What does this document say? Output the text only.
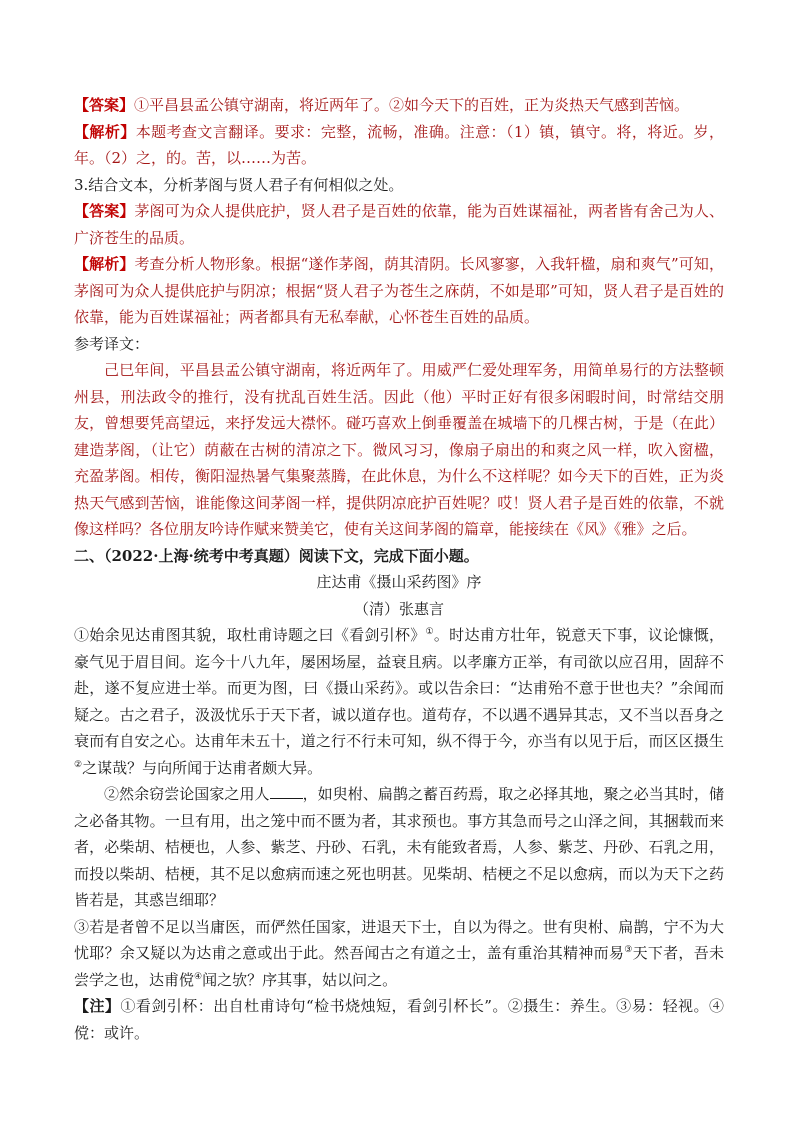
【答案】①平昌县孟公镇守湖南，将近两年了。②如今天下的百姓，正为炎热天气感到苦恼。

【解析】本题考查文言翻译。要求：完整，流畅，准确。注意：（1）镇，镇守。将，将近。岁，年。（2）之，的。苦，以……为苦。

3.结合文本，分析茅阁与贤人君子有何相似之处。

【答案】茅阁可为众人提供庇护，贤人君子是百姓的依靠，能为百姓谋福祉，两者皆有舍己为人、广济苍生的品质。

【解析】考查分析人物形象。根据“遂作茅阁，荫其清阴。长风寥寥，入我轩楹，扇和爽气”可知，茅阁可为众人提供庇护与阴凉；根据“贤人君子为苍生之庥荫，不如是耶”可知，贤人君子是百姓的依靠，能为百姓谋福祉；两者都具有无私奉献，心怀苍生百姓的品质。

参考译文：

己巳年间，平昌县孟公镇守湖南，将近两年了。用威严仁爱处理军务，用简单易行的方法整顿州县，刑法政令的推行，没有扰乱百姓生活。因此（他）平时正好有很多闲暇时间，时常结交朋友，曾想要凭高望远，来抒发远大襟怀。碰巧喜欢上倒垂覆盖在城墙下的几棵古树，于是（在此）建造茅阁，（让它）荫蔽在古树的清凉之下。微风习习，像扇子扇出的和爽之风一样，吹入窗楹，充盈茅阁。相传，衡阳湿热暑气集聚蒸腾，在此休息，为什么不这样呢？如今天下的百姓，正为炎热天气感到苦恼，谁能像这间茅阁一样，提供阴凉庇护百姓呢？哎！贤人君子是百姓的依靠，不就像这样吗？各位朋友吟诗作赋来赞美它，使有关这间茅阁的篇章，能接续在《风》《雅》之后。

二、（2022·上海·统考中考真题）阅读下文，完成下面小题。

庄达甫《摄山采药图》序

（清）张惠言

①始余见达甫图其貌，取杜甫诗题之曰《看剑引杯》①。时达甫方壮年，锐意天下事，议论慷慨，豪气见于眉目间。迄今十八九年，屡困场屋，益衰且病。以孝廉方正举，有司欲以应召用，固辞不赴，遂不复应进士举。而更为图，曰《摄山采药》。或以告余曰：“达甫殆不意于世也夫？”余闻而疑之。古之君子，汲汲忧乐于天下者，诚以道存也。道苟存，不以遇不遇异其志，又不当以吾身之衰而有自安之心。达甫年未五十，道之行不行未可知，纵不得于今，亦当有以见于后，而区区摄生②之谋哉？与向所闻于达甫者颇大异。

②然余窃尝论国家之用人 ，如臾柎、扁鹊之蓄百药焉，取之必择其地，聚之必当其时，储之必备其物。一旦有用，出之笼中而不匮为者，其求预也。事方其急而号之山泽之间，其捆载而来者，必柴胡、桔梗也，人参、紫芝、丹砂、石乳，未有能致者焉，人参、紫芝、丹砂、石乳之用，而投以柴胡、桔梗，其不足以愈病而速之死也明甚。见柴胡、桔梗之不足以愈病，而以为天下之药皆若是，其惑岂细耶？

③若是者曾不足以当庸医，而俨然任国家，进退天下士，自以为得之。世有臾柎、扁鹊，宁不为大忧耶？余又疑以为达甫之意或出于此。然吾闻古之有道之士，盖有重治其精神而易③天下者，吾未尝学之也，达甫傥④闻之欤？序其事，姑以问之。

【注】①看剑引杯：出自杜甫诗句“检书烧烛短，看剑引杯长”。②摄生：养生。③易：轻视。④傥：或许。
